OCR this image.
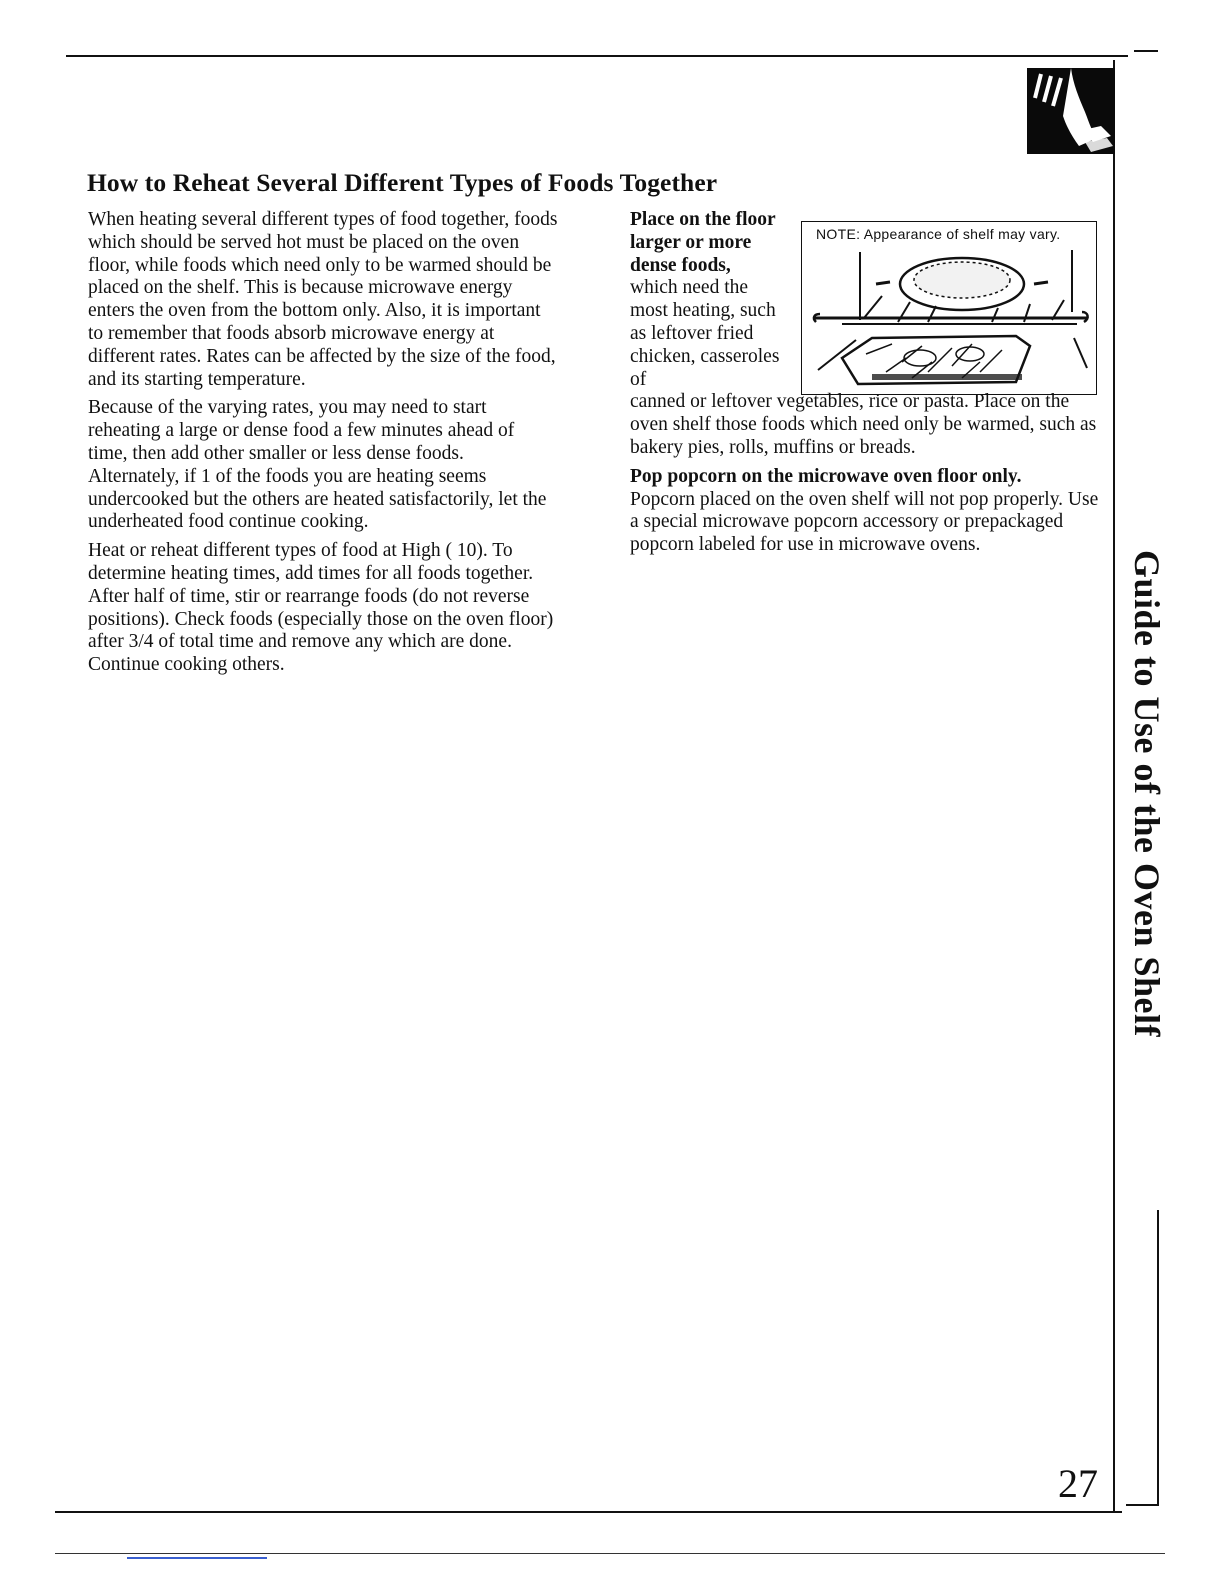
How to Reheat Several Different Types of Foods Together

When heating several different types of food together, foods which should be served hot must be placed on the oven floor, while foods which need only to be warmed should be placed on the shelf. This is because microwave energy enters the oven from the bottom only. Also, it is important to remember that foods absorb microwave energy at different rates. Rates can be affected by the size of the food, and its starting temperature.

Because of the varying rates, you may need to start reheating a large or dense food a few minutes ahead of time, then add other smaller or less dense foods. Alternately, if 1 of the foods you are heating seems undercooked but the others are heated satisfactorily, let the underheated food continue cooking.

Heat or reheat different types of food at High ( 10). To determine heating times, add times for all foods together. After half of time, stir or rearrange foods (do not reverse positions). Check foods (especially those on the oven floor) after 3/4 of total time and remove any which are done. Continue cooking others.

Place on the floor larger or more dense foods, which need the most heating, such as leftover fried chicken, casseroles of

canned or leftover vegetables, rice or pasta. Place on the oven shelf those foods which need only be warmed, such as bakery pies, rolls, muffins or breads.

Pop popcorn on the microwave oven floor only.
Popcorn placed on the oven shelf will not pop properly. Use a special microwave popcorn accessory or prepackaged popcorn labeled for use in microwave ovens.

NOTE: Appearance of shelf may vary.
Guide to Use of the Oven Shelf
27
